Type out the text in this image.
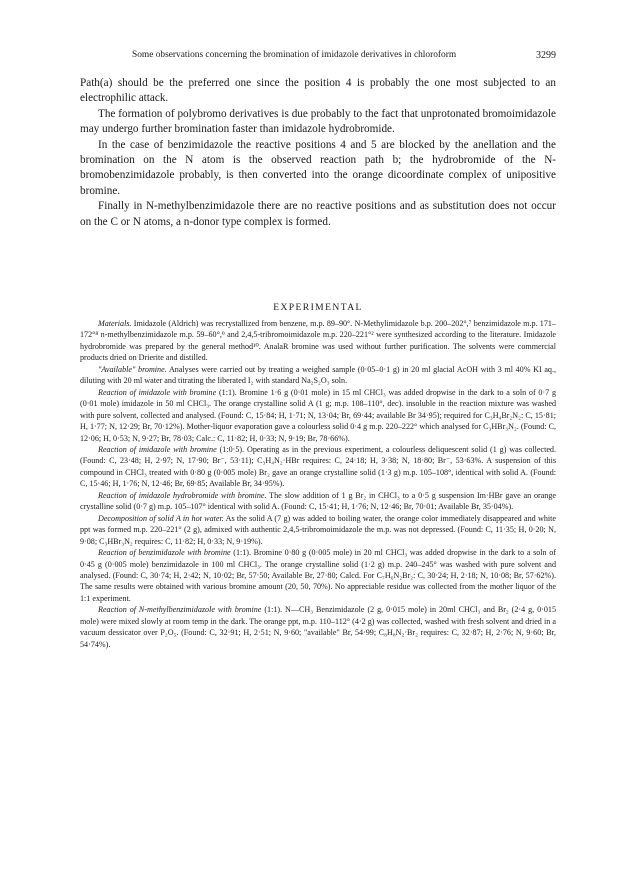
Some observations concerning the bromination of imidazole derivatives in chloroform	3299

Path(a) should be the preferred one since the position 4 is probably the one most subjected to an electrophilic attack.

The formation of polybromo derivatives is due probably to the fact that unprotonated bromoimidazole may undergo further bromination faster than imidazole hydrobromide.

In the case of benzimidazole the reactive positions 4 and 5 are blocked by the anellation and the bromination on the N atom is the observed reaction path b; the hydrobromide of the N-bromobenzimidazole probably, is then converted into the orange dicoordinate complex of unipositive bromine.

Finally in N-methylbenzimidazole there are no reactive positions and as substitution does not occur on the C or N atoms, a n-donor type complex is formed.

EXPERIMENTAL

Materials. Imidazole (Aldrich) was recrystallized from benzene, m.p. 89–90°. N-Methylimidazole b.p. 200–202°,⁷ benzimidazole m.p. 171–172°⁸ n-methylbenzimidazole m.p. 59–60°,⁹ and 2,4,5-tribromoimidazole m.p. 220–221°² were synthesized according to the literature. Imidazole hydrobromide was prepared by the general method¹⁰. AnalaR bromine was used without further purification. The solvents were commercial products dried on Drierite and distilled.

"Available" bromine. Analyses were carried out by treating a weighed sample (0·05–0·1 g) in 20 ml glacial AcOH with 3 ml 40% KI aq., diluting with 20 ml water and titrating the liberated I₂ with standard Na₂S₂O₃ soln.

Reaction of imidazole with bromine (1:1). Bromine 1·6 g (0·01 mole) in 15 ml CHCl₃ was added dropwise in the dark to a soln of 0·7 g (0·01 mole) imidazole in 50 ml CHCl₃. The orange crystalline solid A (1 g; m.p. 108–110°, dec). insoluble in the reaction mixture was washed with pure solvent, collected and analysed. (Found: C, 15·84; H, 1·71; N, 13·04; Br, 69·44; available Br 34·95); required for C₃H₄Br₂N₂: C, 15·81; H, 1·77; N, 12·29; Br, 70·12%). Mother-liquor evaporation gave a colourless solid 0·4 g m.p. 220–222° which analysed for C₃HBr₃N₂. (Found: C, 12·06; H, 0·53; N, 9·27; Br, 78·03; Calc.: C, 11·82; H, 0·33; N, 9·19; Br, 78·66%).

Reaction of imidazole with bromine (1:0·5). Operating as in the previous experiment, a colourless deliquescent solid (1 g) was collected. (Found: C, 23·48; H, 2·97; N, 17·90; Br⁻, 53·11); C₃H₄N₂·HBr requires: C, 24·18; H, 3·38; N, 18·80; Br⁻, 53·63%. A suspension of this compound in CHCl₃ treated with 0·80 g (0·005 mole) Br₂ gave an orange crystalline solid (1·3 g) m.p. 105–108°, identical with solid A. (Found: C, 15·46; H, 1·76; N, 12·46; Br, 69·85; Available Br, 34·95%).

Reaction of imidazole hydrobromide with bromine. The slow addition of 1 g Br₂ in CHCl₃ to a 0·5 g suspension Im·HBr gave an orange crystalline solid (0·7 g) m.p. 105–107° identical with solid A. (Found: C, 15·41; H, 1·76; N, 12·46; Br, 70·01; Available Br, 35·04%).

Decomposition of solid A in hot water. As the solid A (7 g) was added to boiling water, the orange color immediately disappeared and white ppt was formed m.p. 220–221° (2 g), admixed with authentic 2,4,5-tribromoimidazole the m.p. was not depressed. (Found: C, 11·35; H, 0·20; N, 9·08; C₃HBr₃N₂ requires: C, 11·82; H, 0·33; N, 9·19%).

Reaction of benzimidazole with bromine (1:1). Bromine 0·80 g (0·005 mole) in 20 ml CHCl₃ was added dropwise in the dark to a soln of 0·45 g (0·005 mole) benzimidazole in 100 ml CHCl₃. The orange crystalline solid (1·2 g) m.p. 240–245° was washed with pure solvent and analysed. (Found: C, 30·74; H, 2·42; N, 10·02; Br, 57·50; Available Br, 27·80; Calcd. For C₇H₆N₂Br₂: C, 30·24; H, 2·18; N, 10·08; Br, 57·62%). The same results were obtained with various bromine amount (20, 50, 70%). No appreciable residue was collected from the mother liquor of the 1:1 experiment.

Reaction of N-methylbenzimidazole with bromine (1:1). N—CH₃ Benzimidazole (2 g, 0·015 mole) in 20ml CHCl₃ and Br₂ (2·4 g, 0·015 mole) were mixed slowly at room temp in the dark. The orange ppt, m.p. 110–112° (4·2 g) was collected, washed with fresh solvent and dried in a vacuum dessicator over P₂O₅. (Found: C, 32·91; H, 2·51; N, 9·60; "available" Br, 54·99; C₈H₈N₂·Br₂ requires: C, 32·87; H, 2·76; N, 9·60; Br, 54·74%).
